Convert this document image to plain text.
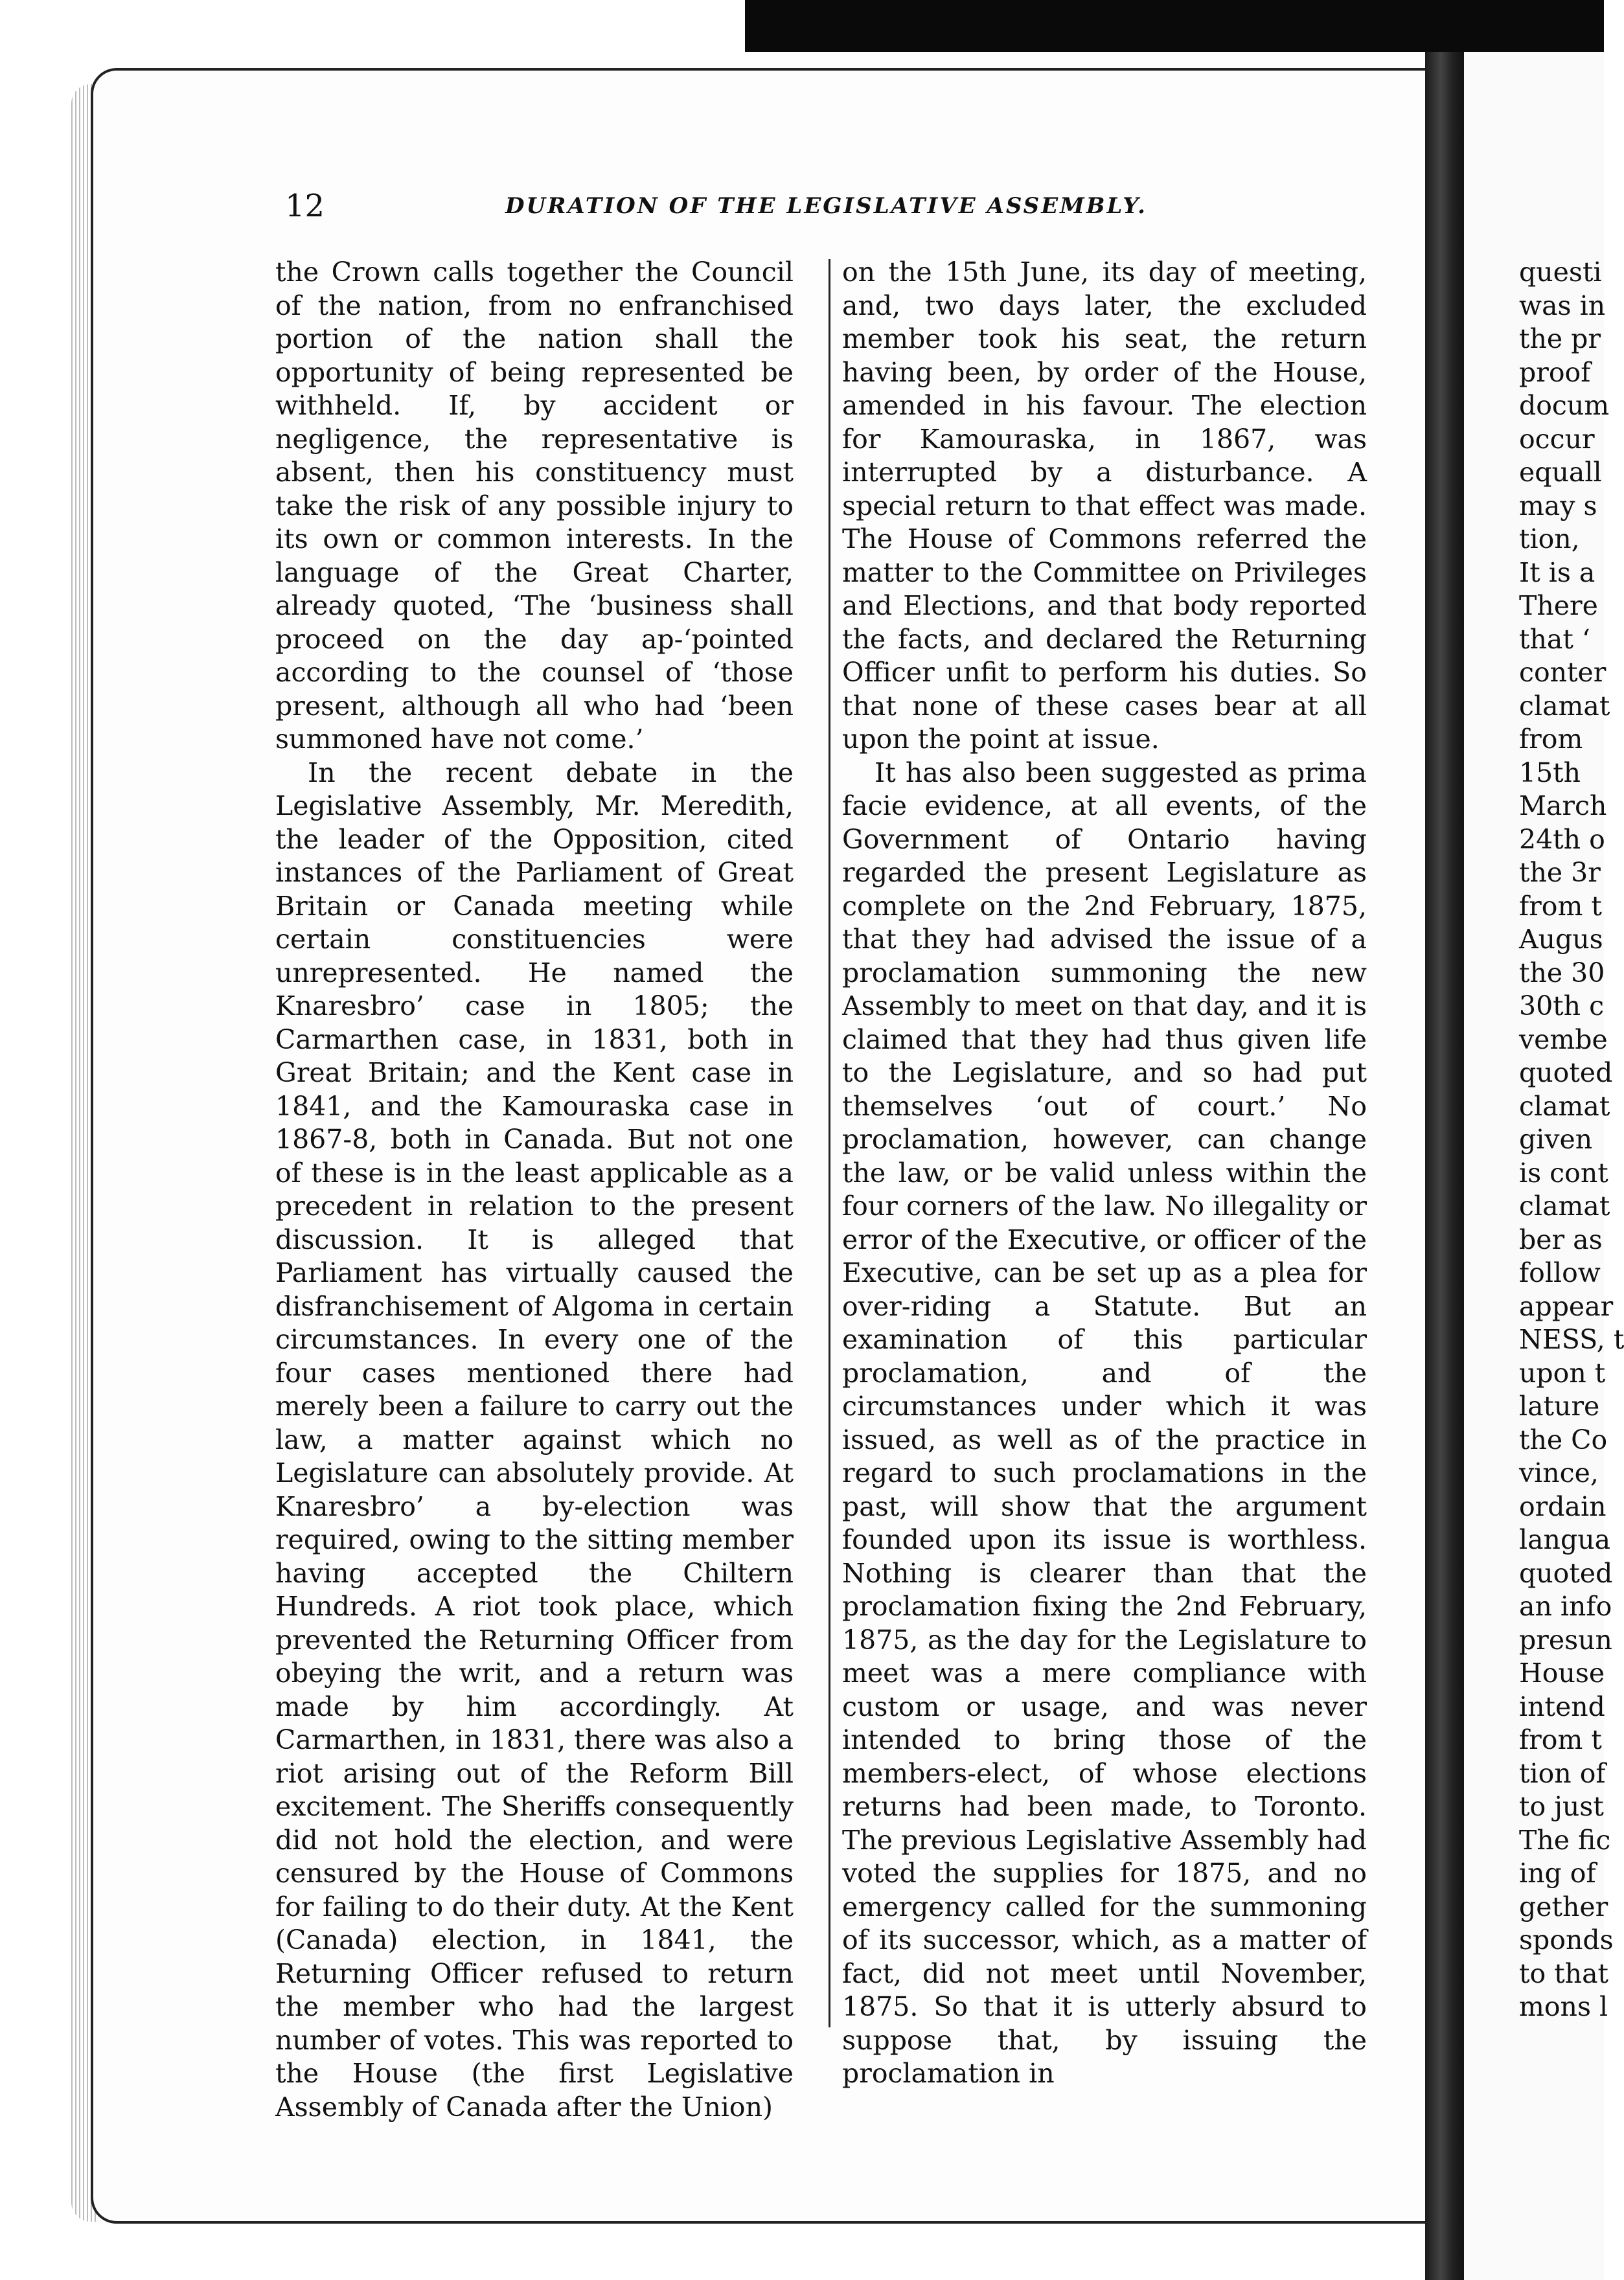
12	DURATION OF THE LEGISLATIVE ASSEMBLY.

the Crown calls together the Council of the nation, from no enfranchised portion of the nation shall the opportunity of being represented be withheld. If, by accident or negligence, the representative is absent, then his constituency must take the risk of any possible injury to its own or common interests. In the language of the Great Charter, already quoted, ‘The ‘business shall proceed on the day ap-‘pointed according to the counsel of ‘those present, although all who had ‘been summoned have not come.’

In the recent debate in the Legislative Assembly, Mr. Meredith, the leader of the Opposition, cited instances of the Parliament of Great Britain or Canada meeting while certain constituencies were unrepresented. He named the Knaresbro’ case in 1805; the Carmarthen case, in 1831, both in Great Britain; and the Kent case in 1841, and the Kamouraska case in 1867-8, both in Canada. But not one of these is in the least applicable as a precedent in relation to the present discussion. It is alleged that Parliament has virtually caused the disfranchisement of Algoma in certain circumstances. In every one of the four cases mentioned there had merely been a failure to carry out the law, a matter against which no Legislature can absolutely provide. At Knaresbro’ a by-election was required, owing to the sitting member having accepted the Chiltern Hundreds. A riot took place, which prevented the Returning Officer from obeying the writ, and a return was made by him accordingly. At Carmarthen, in 1831, there was also a riot arising out of the Reform Bill excitement. The Sheriffs consequently did not hold the election, and were censured by the House of Commons for failing to do their duty. At the Kent (Canada) election, in 1841, the Returning Officer refused to return the member who had the largest number of votes. This was reported to the House (the first Legislative Assembly of Canada after the Union)

on the 15th June, its day of meeting, and, two days later, the excluded member took his seat, the return having been, by order of the House, amended in his favour. The election for Kamouraska, in 1867, was interrupted by a disturbance. A special return to that effect was made. The House of Commons referred the matter to the Committee on Privileges and Elections, and that body reported the facts, and declared the Returning Officer unfit to perform his duties. So that none of these cases bear at all upon the point at issue.

It has also been suggested as prima facie evidence, at all events, of the Government of Ontario having regarded the present Legislature as complete on the 2nd February, 1875, that they had advised the issue of a proclamation summoning the new Assembly to meet on that day, and it is claimed that they had thus given life to the Legislature, and so had put themselves ‘out of court.’ No proclamation, however, can change the law, or be valid unless within the four corners of the law. No illegality or error of the Executive, or officer of the Executive, can be set up as a plea for over-riding a Statute. But an examination of this particular proclamation, and of the circumstances under which it was issued, as well as of the practice in regard to such proclamations in the past, will show that the argument founded upon its issue is worthless. Nothing is clearer than that the proclamation fixing the 2nd February, 1875, as the day for the Legislature to meet was a mere compliance with custom or usage, and was never intended to bring those of the members-elect, of whose elections returns had been made, to Toronto. The previous Legislative Assembly had voted the supplies for 1875, and no emergency called for the summoning of its successor, which, as a matter of fact, did not meet until November, 1875. So that it is utterly absurd to suppose that, by issuing the proclamation in

questi
was in
the pr
proof
docum
occur
equall
may s
tion,
It is a
There
that ‘
conter
clamat
from
15th
March
24th o
the 3r
from t
Augus
the 30
30th c
vembe
quoted
clamat
given
is cont
clamat
ber as
follow
appear
NESS, t
upon t
lature
the Co
vince,
ordain
langua
quoted
an info
presun
House
intend
from t
tion of
to just
The fic
ing of
gether
sponds
to that
mons l
